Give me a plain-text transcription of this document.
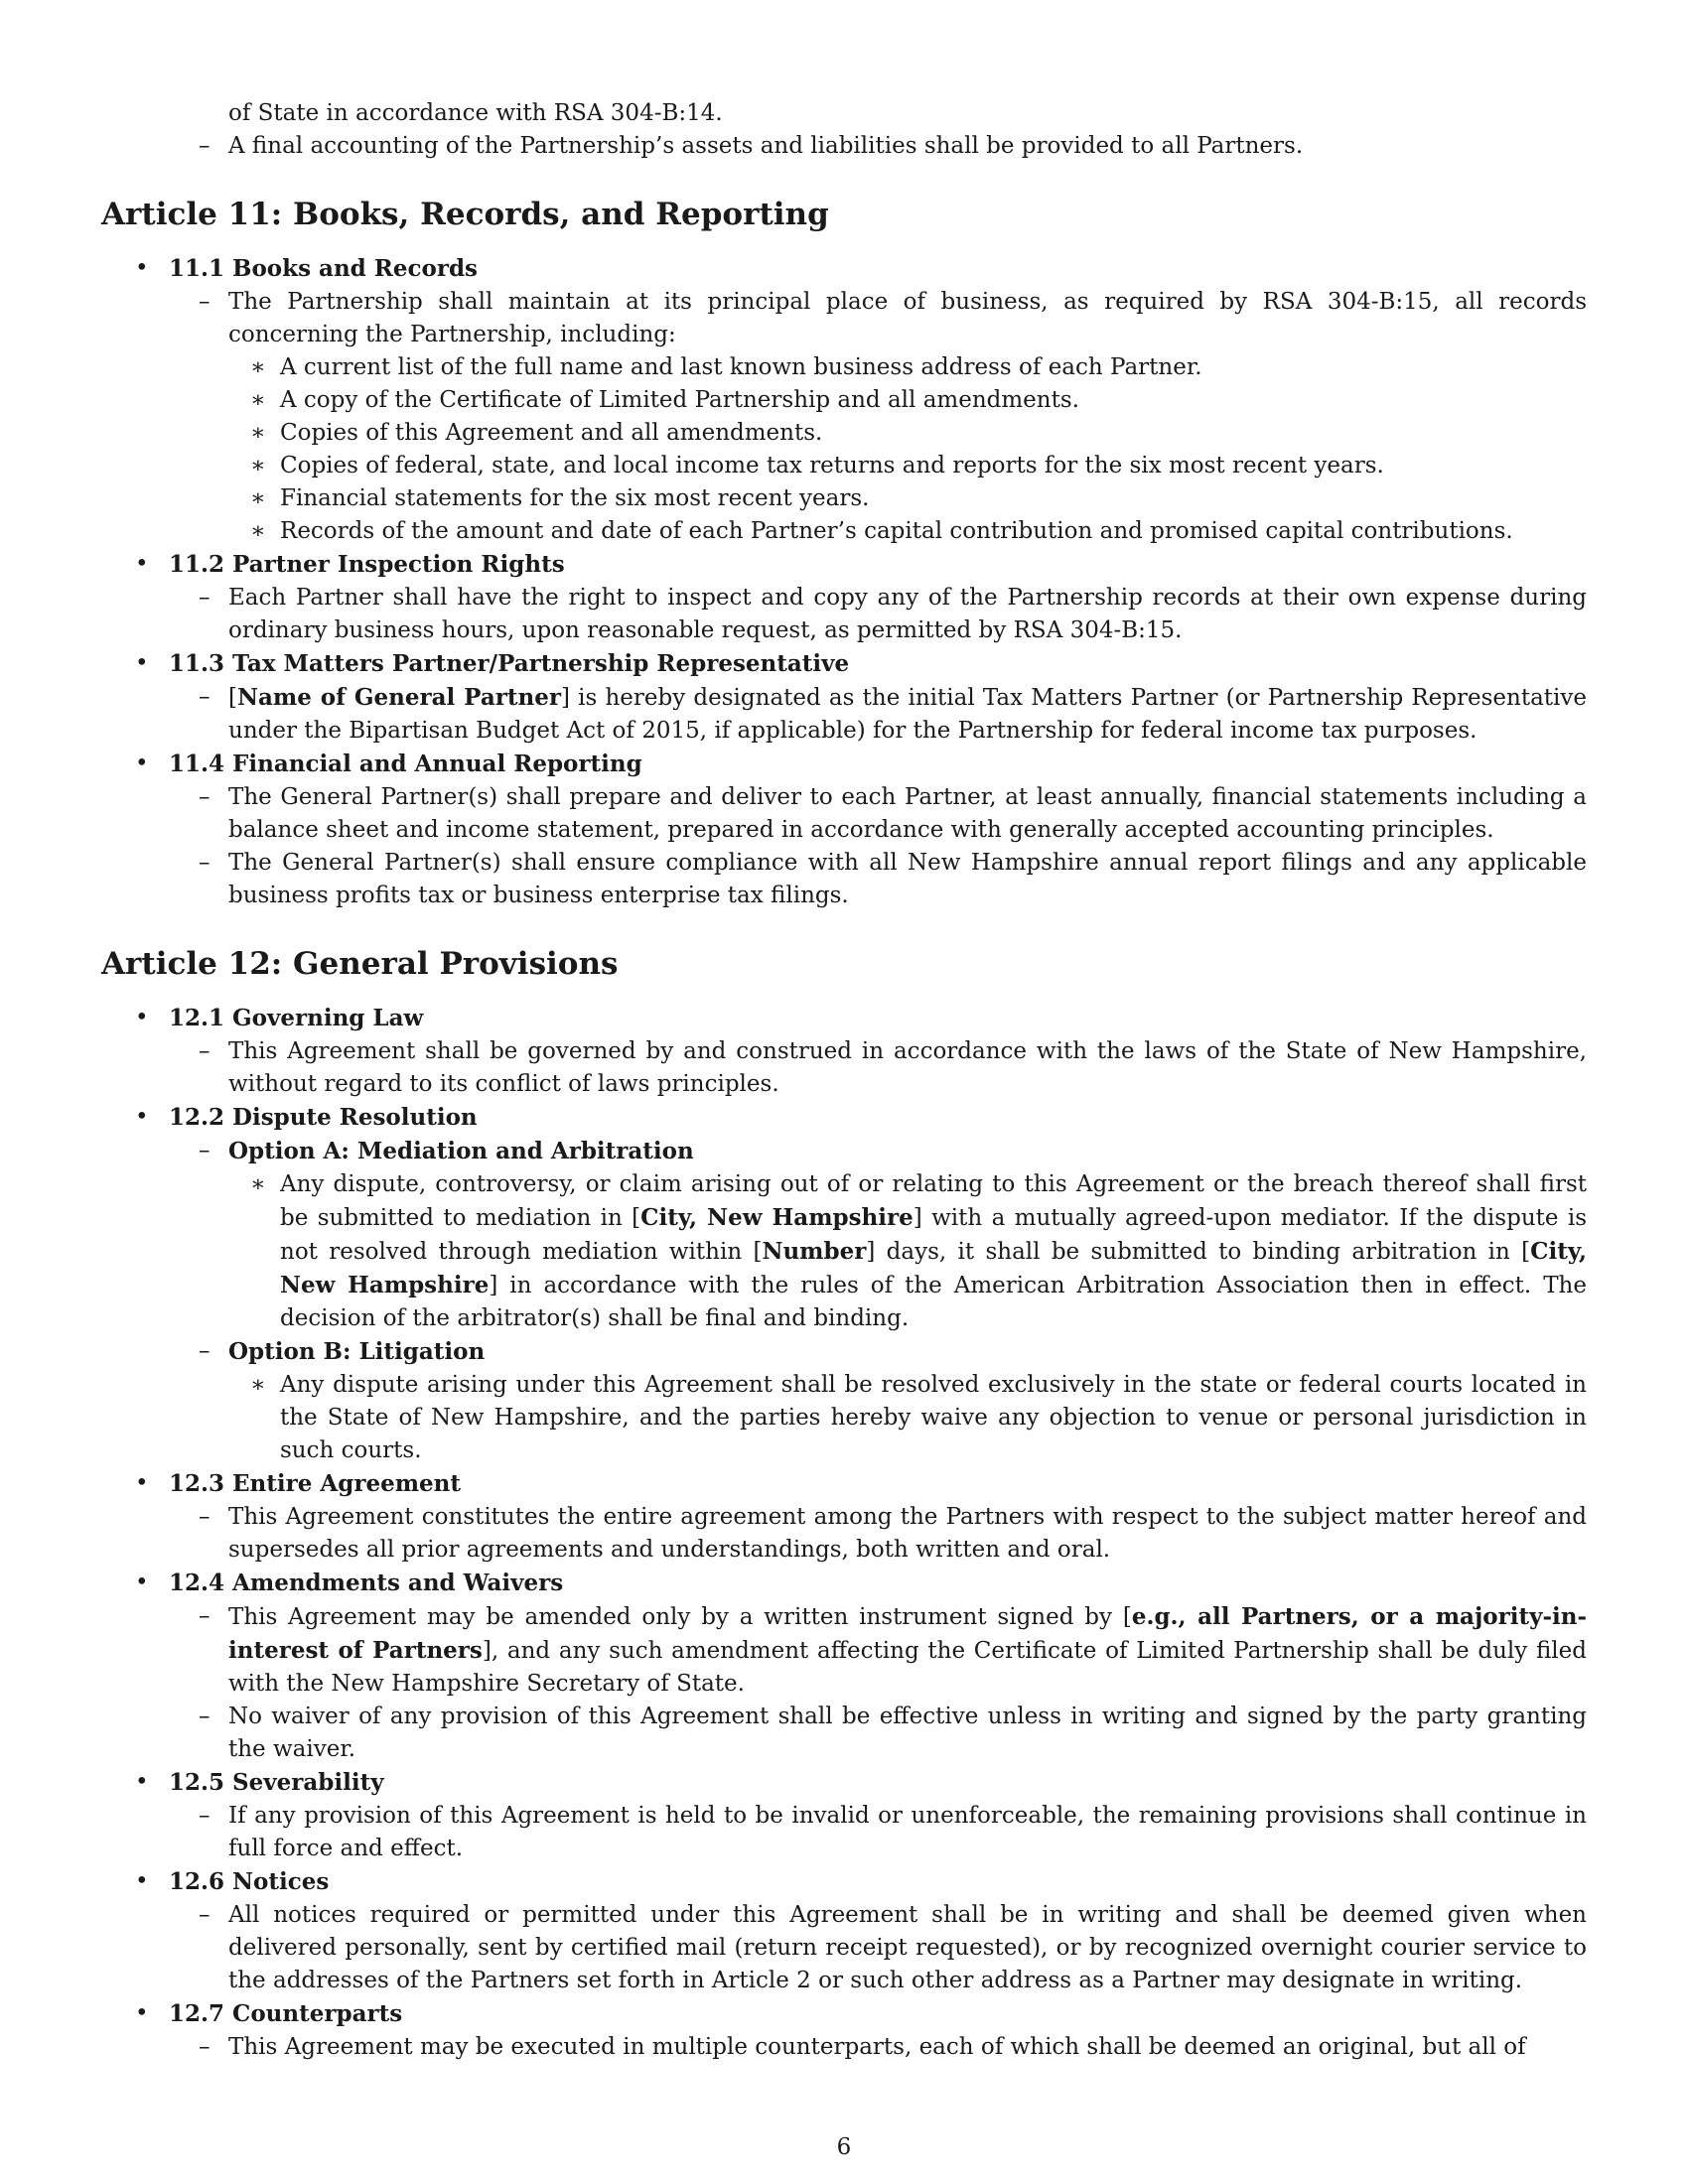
of State in accordance with RSA 304-B:14.
– A final accounting of the Partnership’s assets and liabilities shall be provided to all Partners.
Article 11: Books, Records, and Reporting
• 11.1 Books and Records
– The Partnership shall maintain at its principal place of business, as required by RSA 304-B:15, all records concerning the Partnership, including:
∗ A current list of the full name and last known business address of each Partner.
∗ A copy of the Certificate of Limited Partnership and all amendments.
∗ Copies of this Agreement and all amendments.
∗ Copies of federal, state, and local income tax returns and reports for the six most recent years.
∗ Financial statements for the six most recent years.
∗ Records of the amount and date of each Partner’s capital contribution and promised capital contributions.
• 11.2 Partner Inspection Rights
– Each Partner shall have the right to inspect and copy any of the Partnership records at their own expense during ordinary business hours, upon reasonable request, as permitted by RSA 304-B:15.
• 11.3 Tax Matters Partner/Partnership Representative
– [Name of General Partner] is hereby designated as the initial Tax Matters Partner (or Partnership Representative under the Bipartisan Budget Act of 2015, if applicable) for the Partnership for federal income tax purposes.
• 11.4 Financial and Annual Reporting
– The General Partner(s) shall prepare and deliver to each Partner, at least annually, financial statements including a balance sheet and income statement, prepared in accordance with generally accepted accounting principles.
– The General Partner(s) shall ensure compliance with all New Hampshire annual report filings and any applicable business profits tax or business enterprise tax filings.
Article 12: General Provisions
• 12.1 Governing Law
– This Agreement shall be governed by and construed in accordance with the laws of the State of New Hampshire, without regard to its conflict of laws principles.
• 12.2 Dispute Resolution
– Option A: Mediation and Arbitration
∗ Any dispute, controversy, or claim arising out of or relating to this Agreement or the breach thereof shall first be submitted to mediation in [City, New Hampshire] with a mutually agreed-upon mediator. If the dispute is not resolved through mediation within [Number] days, it shall be submitted to binding arbitration in [City, New Hampshire] in accordance with the rules of the American Arbitration Association then in effect. The decision of the arbitrator(s) shall be final and binding.
– Option B: Litigation
∗ Any dispute arising under this Agreement shall be resolved exclusively in the state or federal courts located in the State of New Hampshire, and the parties hereby waive any objection to venue or personal jurisdiction in such courts.
• 12.3 Entire Agreement
– This Agreement constitutes the entire agreement among the Partners with respect to the subject matter hereof and supersedes all prior agreements and understandings, both written and oral.
• 12.4 Amendments and Waivers
– This Agreement may be amended only by a written instrument signed by [e.g., all Partners, or a majority-in-interest of Partners], and any such amendment affecting the Certificate of Limited Partnership shall be duly filed with the New Hampshire Secretary of State.
– No waiver of any provision of this Agreement shall be effective unless in writing and signed by the party granting the waiver.
• 12.5 Severability
– If any provision of this Agreement is held to be invalid or unenforceable, the remaining provisions shall continue in full force and effect.
• 12.6 Notices
– All notices required or permitted under this Agreement shall be in writing and shall be deemed given when delivered personally, sent by certified mail (return receipt requested), or by recognized overnight courier service to the addresses of the Partners set forth in Article 2 or such other address as a Partner may designate in writing.
• 12.7 Counterparts
– This Agreement may be executed in multiple counterparts, each of which shall be deemed an original, but all of
6
